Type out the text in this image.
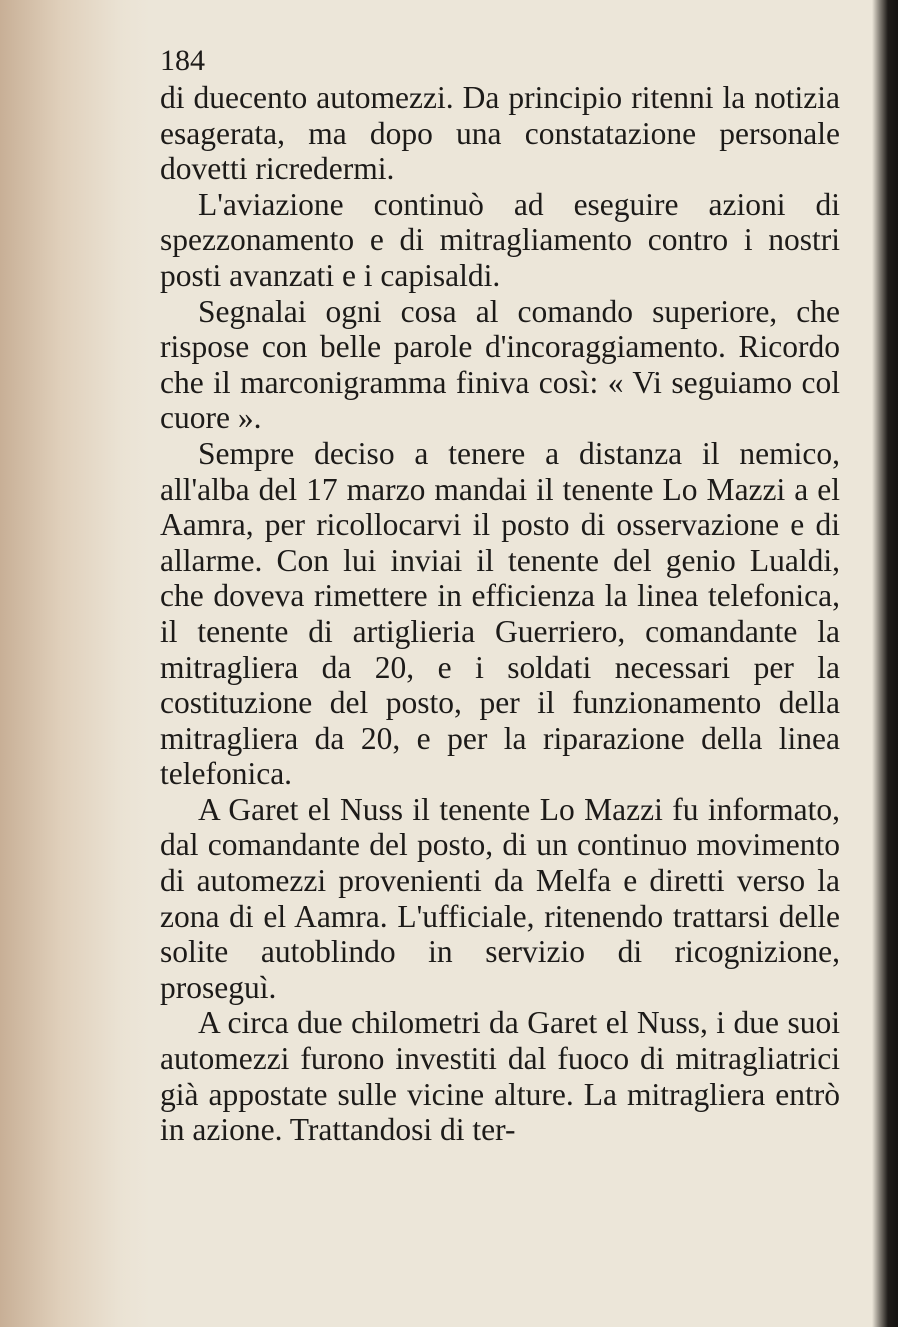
184

di duecento automezzi. Da principio ritenni la notizia esagerata, ma dopo una constatazione personale dovetti ricredermi.

L'aviazione continuò ad eseguire azioni di spezzonamento e di mitragliamento contro i nostri posti avanzati e i capisaldi.

Segnalai ogni cosa al comando superiore, che rispose con belle parole d'incoraggiamento. Ricordo che il marconigramma finiva così: « Vi seguiamo col cuore ».

Sempre deciso a tenere a distanza il nemico, all'alba del 17 marzo mandai il tenente Lo Mazzi a el Aamra, per ricollocarvi il posto di osservazione e di allarme. Con lui inviai il tenente del genio Lualdi, che doveva rimettere in efficienza la linea telefonica, il tenente di artiglieria Guerriero, comandante la mitragliera da 20, e i soldati necessari per la costituzione del posto, per il funzionamento della mitragliera da 20, e per la riparazione della linea telefonica.

A Garet el Nuss il tenente Lo Mazzi fu informato, dal comandante del posto, di un continuo movimento di automezzi provenienti da Melfa e diretti verso la zona di el Aamra. L'ufficiale, ritenendo trattarsi delle solite autoblindo in servizio di ricognizione, proseguì.

A circa due chilometri da Garet el Nuss, i due suoi automezzi furono investiti dal fuoco di mitragliatrici già appostate sulle vicine alture. La mitragliera entrò in azione. Trattandosi di ter-
